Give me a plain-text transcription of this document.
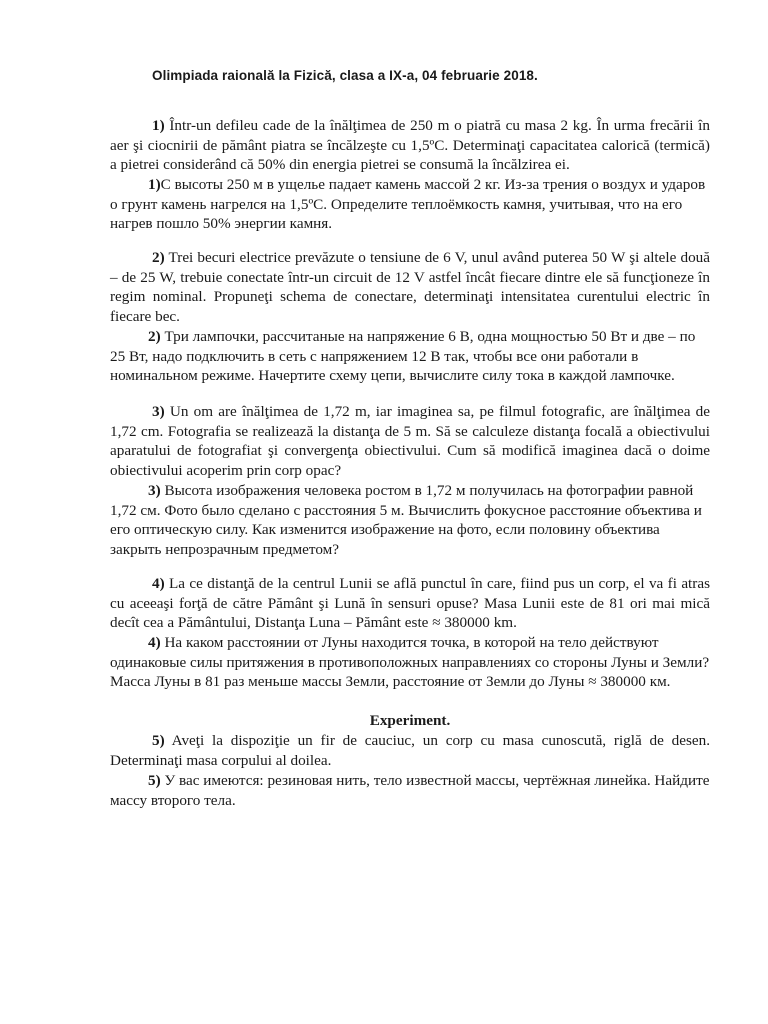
Olimpiada raională la Fizică, clasa a IX-a, 04 februarie 2018.

1) Într-un defileu cade de la înălţimea de 250 m o piatră cu masa 2 kg. În urma frecării în aer şi ciocnirii de pământ piatra se încălzeşte cu 1,5ºC. Determinaţi capacitatea calorică (termică) a pietrei considerând că 50% din energia pietrei se consumă la încălzirea ei.

1)С высоты 250 м в ущелье падает камень массой 2 кг. Из-за трения о воздух и ударов о грунт камень нагрелся на 1,5ºС. Определите теплоёмкость камня, учитывая, что на его нагрев пошло 50% энергии камня.

2) Trei becuri electrice prevăzute o tensiune de 6 V, unul având puterea 50 W şi altele două – de 25 W, trebuie conectate într-un circuit de 12 V astfel încât fiecare dintre ele să funcţioneze în regim nominal. Propuneţi schema de conectare, determinaţi intensitatea curentului electric în fiecare bec.

2) Три лампочки, рассчитаные на напряжение 6 В, одна мощностью 50 Вт и две – по 25 Вт, надо подключить в сеть с напряжением 12 В так, чтобы все они работали в номинальном режиме. Начертите схему цепи, вычислите силу тока в каждой лампочке.

3) Un om are înălţimea de 1,72 m, iar imaginea sa, pe filmul fotografic, are înălţimea de 1,72 cm. Fotografia se realizează la distanţa de 5 m. Să se calculeze distanţa focală a obiectivului aparatului de fotografiat şi convergenţa obiectivului. Cum să modifică imaginea dacă o doime obiectivului acoperim prin corp opac?

3) Высота изображения человека ростом в 1,72 м получилась на фотографии равной 1,72 см. Фото было сделано с расстояния 5 м. Вычислить фокусное расстояние объектива и его оптическую силу. Как изменится изображение на фото, если половину объектива закрыть непрозрачным предметом?

4) La ce distanţă de la centrul Lunii se află punctul în care, fiind pus un corp, el va fi atras cu aceeaşi forţă de către Pământ şi Lună în sensuri opuse? Masa Lunii este de 81 ori mai mică decît cea a Pământului, Distanţa Luna – Pământ este ≈ 380000 km.

4) На каком расстоянии от Луны находится точка, в которой на тело действуют одинаковые силы притяжения в противоположных направлениях со стороны Луны и Земли? Масса Луны в 81 раз меньше массы Земли, расстояние от Земли до Луны ≈ 380000 км.

Experiment.

5) Aveţi la dispoziţie un fir de cauciuc, un corp cu masa cunoscută, riglă de desen. Determinaţi masa corpului al doilea.

5) У вас имеются: резиновая нить, тело известной массы, чертёжная линейка. Найдите массу второго тела.
